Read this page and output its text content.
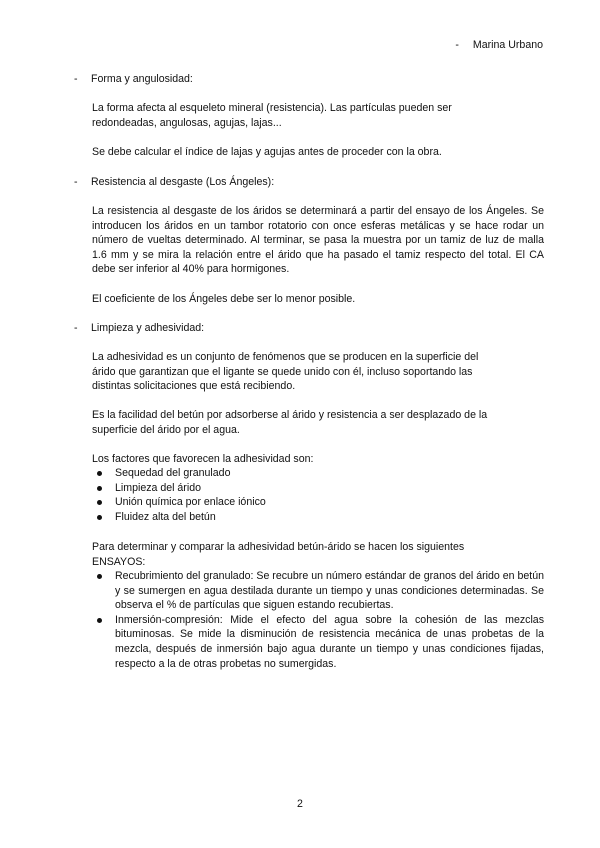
- Marina Urbano
- Forma y angulosidad:

La forma afecta al esqueleto mineral (resistencia). Las partículas pueden ser redondeadas, angulosas, agujas, lajas...

Se debe calcular el índice de lajas y agujas antes de proceder con la obra.

- Resistencia al desgaste (Los Ángeles):

La resistencia al desgaste de los áridos se determinará a partir del ensayo de los Ángeles. Se introducen los áridos en un tambor rotatorio con once esferas metálicas y se hace rodar un número de vueltas determinado. Al terminar, se pasa la muestra por un tamiz de luz de malla 1.6 mm y se mira la relación entre el árido que ha pasado el tamiz respecto del total. El CA debe ser inferior al 40% para hormigones.

El coeficiente de los Ángeles debe ser lo menor posible.

- Limpieza y adhesividad:

La adhesividad es un conjunto de fenómenos que se producen en la superficie del árido que garantizan que el ligante se quede unido con él, incluso soportando las distintas solicitaciones que está recibiendo.

Es la facilidad del betún por adsorberse al árido y resistencia a ser desplazado de la superficie del árido por el agua.

Los factores que favorecen la adhesividad son:

Sequedad del granulado
Limpieza del árido
Unión química por enlace iónico
Fluidez alta del betún

Para determinar y comparar la adhesividad betún-árido se hacen los siguientes ENSAYOS:

Recubrimiento del granulado: Se recubre un número estándar de granos del árido en betún y se sumergen en agua destilada durante un tiempo y unas condiciones determinadas. Se observa el % de partículas que siguen estando recubiertas.
Inmersión-compresión: Mide el efecto del agua sobre la cohesión de las mezclas bituminosas. Se mide la disminución de resistencia mecánica de unas probetas de la mezcla, después de inmersión bajo agua durante un tiempo y unas condiciones fijadas, respecto a la de otras probetas no sumergidas.
2
